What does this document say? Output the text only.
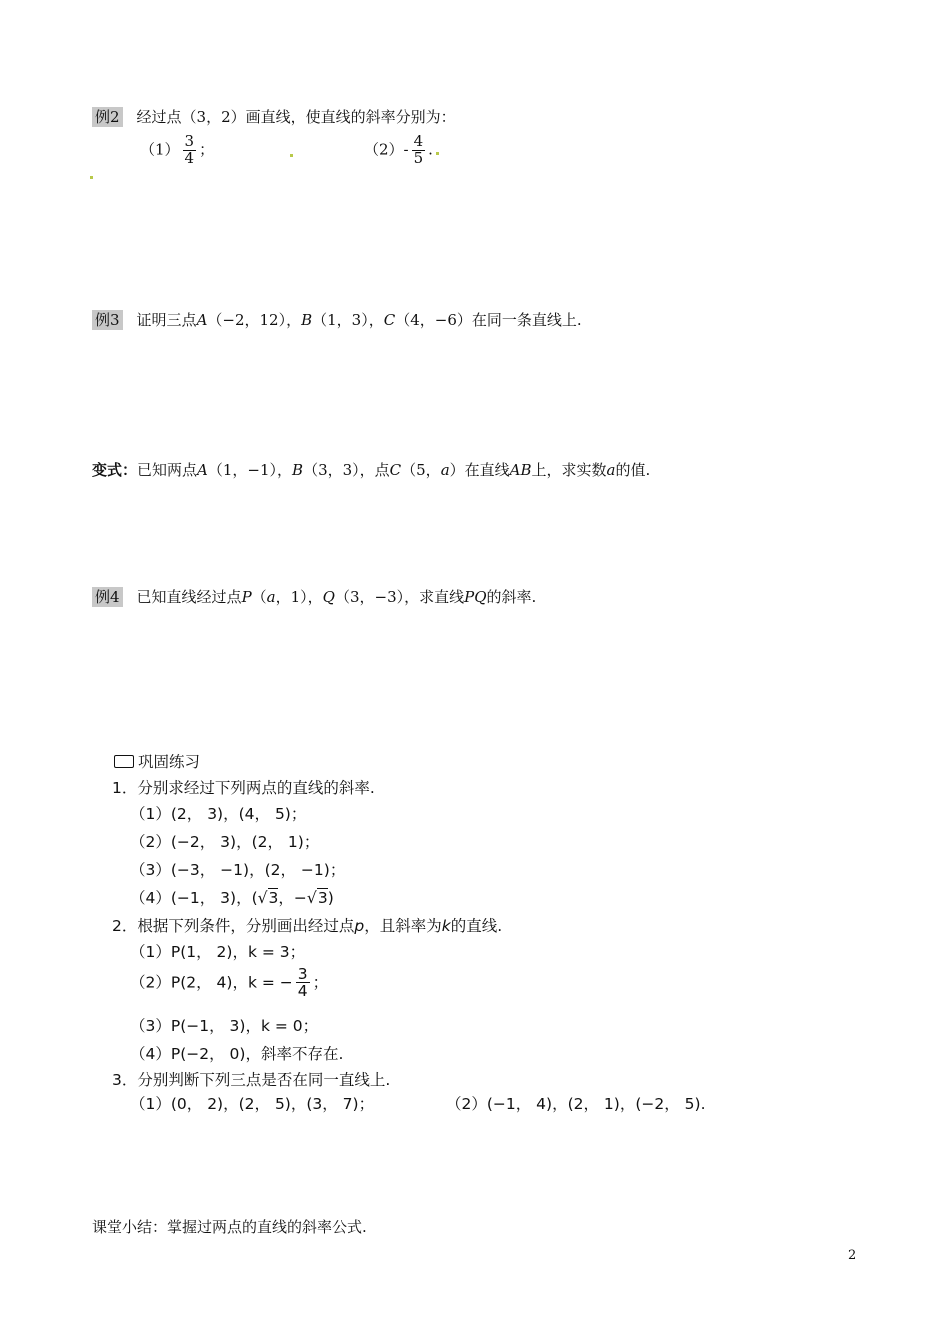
例2 经过点（3，2）画直线，使直线的斜率分别为：
$(1) \frac{3}{4}$ ；	$(2)- \frac{4}{5}$ .
例3 证明三点A（−2，12），B（1，3），C（4，−6）在同一条直线上.
变式：已知两点A（1，−1），B（3，3），点C（5，a）在直线AB上，求实数a的值.
例4 已知直线经过点P（a，1），Q（3，−3），求直线PQ的斜率.
巩固练习
1．分别求经过下列两点的直线的斜率.
（1）(2， 3)，(4， 5)；
（2）(−2， 3)，(2， 1)；
（3）(−3， −1)，(2， −1)；
（4）(−1， 3)，(√3，−√3)
2．根据下列条件，分别画出经过点p，且斜率为k的直线.
（1）P(1， 2)，k = 3；
（2）P(2， 4)，k = − $\frac{3}{4}$ ；
（3）P(−1， 3)，k = 0；
（4）P(−2， 0)，斜率不存在.
3．分别判断下列三点是否在同一直线上.
（1）(0， 2)，(2， 5)，(3， 7)；	（2）(−1， 4)，(2， 1)，(−2， 5).
课堂小结：掌握过两点的直线的斜率公式.
2
